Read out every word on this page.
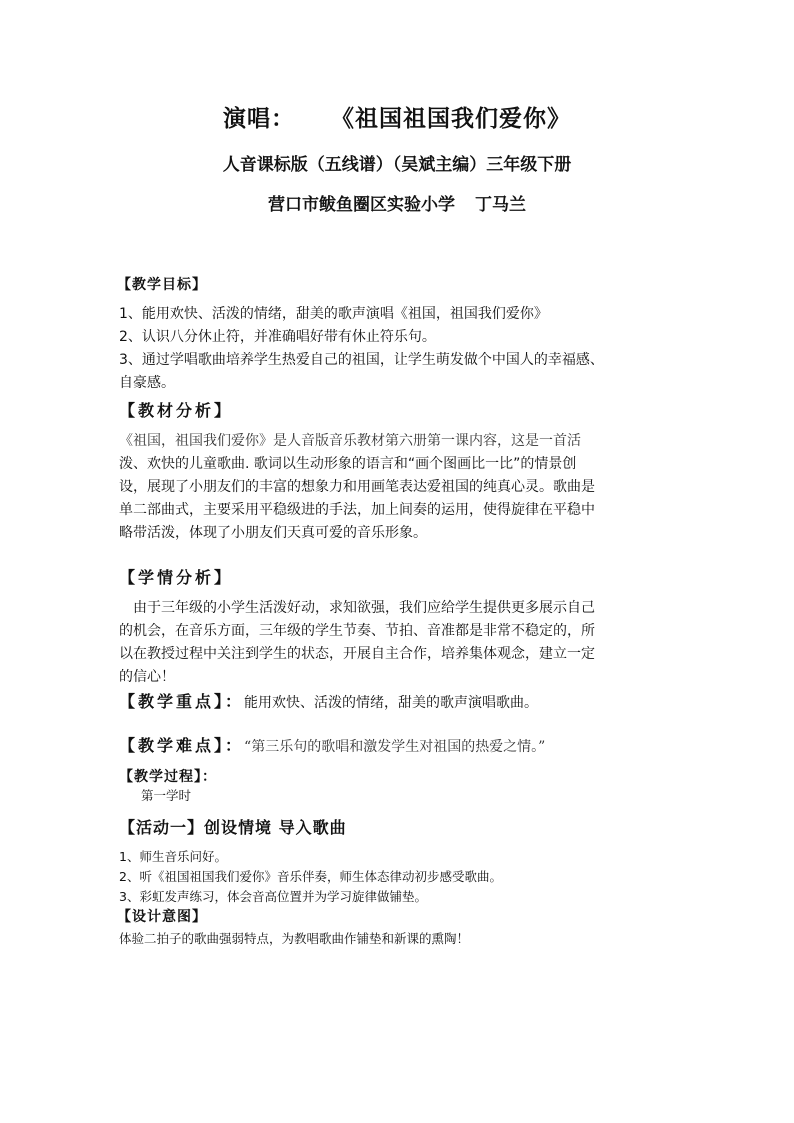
演唱： 《祖国祖国我们爱你》
人音课标版（五线谱）（吴斌主编）三年级下册
营口市鲅鱼圈区实验小学 丁马兰
【教学目标】
1、能用欢快、活泼的情绪，甜美的歌声演唱《祖国，祖国我们爱你》
2、认识八分休止符，并准确唱好带有休止符乐句。
3、通过学唱歌曲培养学生热爱自己的祖国，让学生萌发做个中国人的幸福感、
自豪感。
【教材分析】
《祖国，祖国我们爱你》是人音版音乐教材第六册第一课内容，这是一首活
泼、欢快的儿童歌曲. 歌词以生动形象的语言和“画个图画比一比”的情景创
设，展现了小朋友们的丰富的想象力和用画笔表达爱祖国的纯真心灵。歌曲是
单二部曲式，主要采用平稳级进的手法，加上间奏的运用，使得旋律在平稳中
略带活泼，体现了小朋友们天真可爱的音乐形象。
【学情分析】
由于三年级的小学生活泼好动，求知欲强，我们应给学生提供更多展示自己
的机会，在音乐方面，三年级的学生节奏、节拍、音准都是非常不稳定的，所
以在教授过程中关注到学生的状态，开展自主合作，培养集体观念，建立一定
的信心！
【教学重点】：能用欢快、活泼的情绪，甜美的歌声演唱歌曲。
【教学难点】：“第三乐句的歌唱和激发学生对祖国的热爱之情。”
【教学过程】：
第一学时
【活动一】创设情境 导入歌曲
1、师生音乐问好。
2、听《祖国祖国我们爱你》音乐伴奏，师生体态律动初步感受歌曲。
3、彩虹发声练习，体会音高位置并为学习旋律做铺垫。
【设计意图】
体验二拍子的歌曲强弱特点，为教唱歌曲作铺垫和新课的熏陶！
